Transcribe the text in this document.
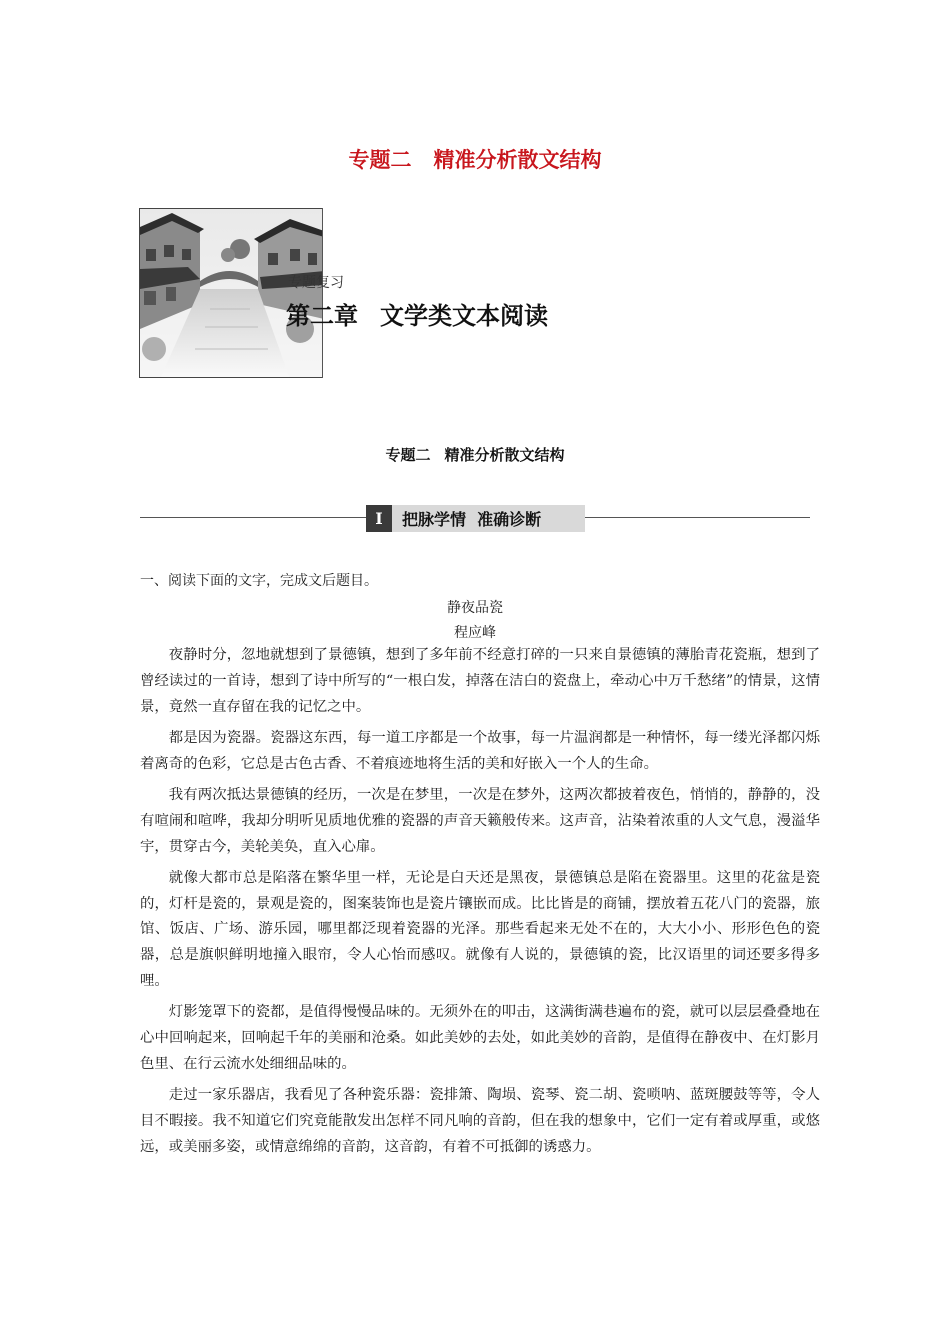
专题二 精准分析散文结构
专题复习
第二章 文学类文本阅读
专题二 精准分析散文结构
I	把脉学情  准确诊断
一、阅读下面的文字，完成文后题目。
静夜品瓷
程应峰

夜静时分，忽地就想到了景德镇，想到了多年前不经意打碎的一只来自景德镇的薄胎青花瓷瓶，想到了曾经读过的一首诗，想到了诗中所写的“一根白发，掉落在洁白的瓷盘上，牵动心中万千愁绪”的情景，这情景，竟然一直存留在我的记忆之中。

都是因为瓷器。瓷器这东西，每一道工序都是一个故事，每一片温润都是一种情怀，每一缕光泽都闪烁着离奇的色彩，它总是古色古香、不着痕迹地将生活的美和好嵌入一个人的生命。

我有两次抵达景德镇的经历，一次是在梦里，一次是在梦外，这两次都披着夜色，悄悄的，静静的，没有喧闹和喧哗，我却分明听见质地优雅的瓷器的声音天籁般传来。这声音，沾染着浓重的人文气息，漫溢华宇，贯穿古今，美轮美奂，直入心扉。

就像大都市总是陷落在繁华里一样，无论是白天还是黑夜，景德镇总是陷在瓷器里。这里的花盆是瓷的，灯杆是瓷的，景观是瓷的，图案装饰也是瓷片镶嵌而成。比比皆是的商铺，摆放着五花八门的瓷器，旅馆、饭店、广场、游乐园，哪里都泛现着瓷器的光泽。那些看起来无处不在的，大大小小、形形色色的瓷器，总是旗帜鲜明地撞入眼帘，令人心怡而感叹。就像有人说的，景德镇的瓷，比汉语里的词还要多得多哩。

灯影笼罩下的瓷都，是值得慢慢品味的。无须外在的叩击，这满街满巷遍布的瓷，就可以层层叠叠地在心中回响起来，回响起千年的美丽和沧桑。如此美妙的去处，如此美妙的音韵，是值得在静夜中、在灯影月色里、在行云流水处细细品味的。

走过一家乐器店，我看见了各种瓷乐器：瓷排箫、陶埙、瓷琴、瓷二胡、瓷唢呐、蓝斑腰鼓等等，令人目不暇接。我不知道它们究竟能散发出怎样不同凡响的音韵，但在我的想象中，它们一定有着或厚重，或悠远，或美丽多姿，或情意绵绵的音韵，这音韵，有着不可抵御的诱惑力。
